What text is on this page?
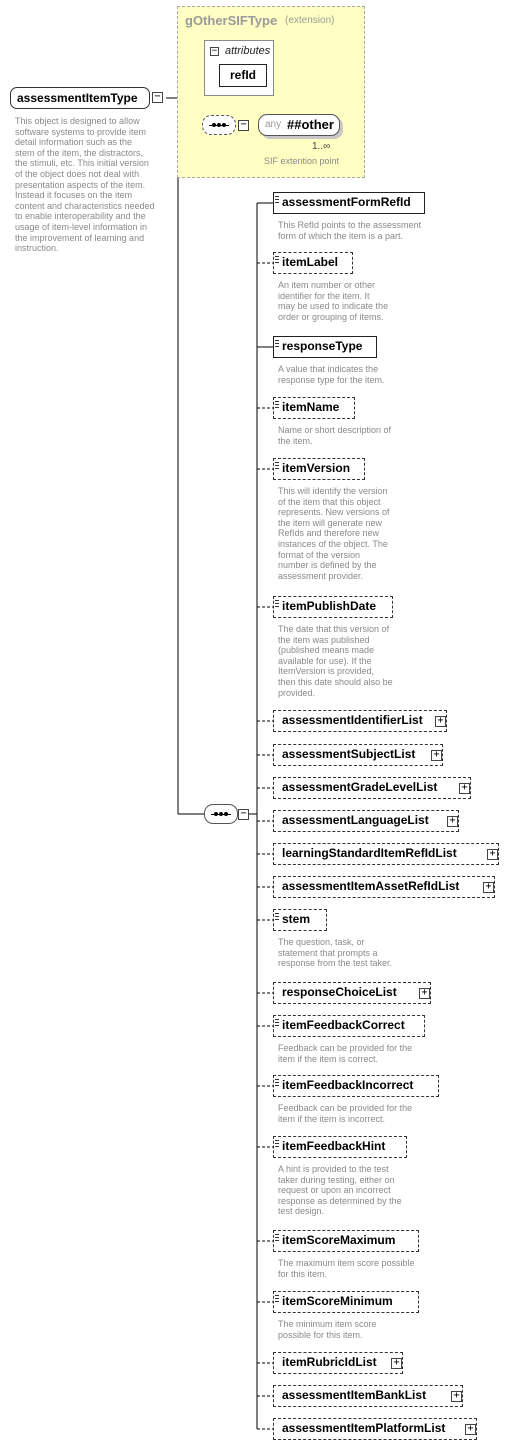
gOtherSIFType (extension)
− attributes
refId
assessmentItemType	−
This object is designed to allow
software systems to provide item
detail information such as the
stem of the item, the distractors,
the stimuli, etc. This initial version
of the object does not deal with
presentation aspects of the item.
Instead it focuses on the item
content and characteristics needed
to enable interoperability and the
usage of item-level information in
the improvement of learning and
instruction.
− any ##other
1..∞
SIF extention point
−
assessmentFormRefId
This RefId points to the assessment
form of which the item is a part.
itemLabel
An item number or other
identifier for the item. It
may be used to indicate the
order or grouping of items.
responseType
A value that indicates the
response type for the item.
itemName
Name or short description of
the item.
itemVersion
This will identify the version
of the item that this object
represents. New versions of
the item will generate new
RefIds and therefore new
instances of the object. The
format of the version
number is defined by the
assessment provider.
itemPublishDate
The date that this version of
the item was published
(published means made
available for use). If the
ItemVersion is provided,
then this date should also be
provided.
assessmentIdentifierList	+
assessmentSubjectList	+
assessmentGradeLevelList	+
assessmentLanguageList	+
learningStandardItemRefIdList	+
assessmentItemAssetRefIdList	+
stem
The question, task, or
statement that prompts a
response from the test taker.
responseChoiceList	+
itemFeedbackCorrect
Feedback can be provided for the
item if the item is correct.
itemFeedbackIncorrect
Feedback can be provided for the
item if the item is incorrect.
itemFeedbackHint
A hint is provided to the test
taker during testing, either on
request or upon an incorrect
response as determined by the
test design.
itemScoreMaximum
The maximum item score possible
for this item.
itemScoreMinimum
The minimum item score
possible for this item.
itemRubricIdList	+
assessmentItemBankList	+
assessmentItemPlatformList	+
